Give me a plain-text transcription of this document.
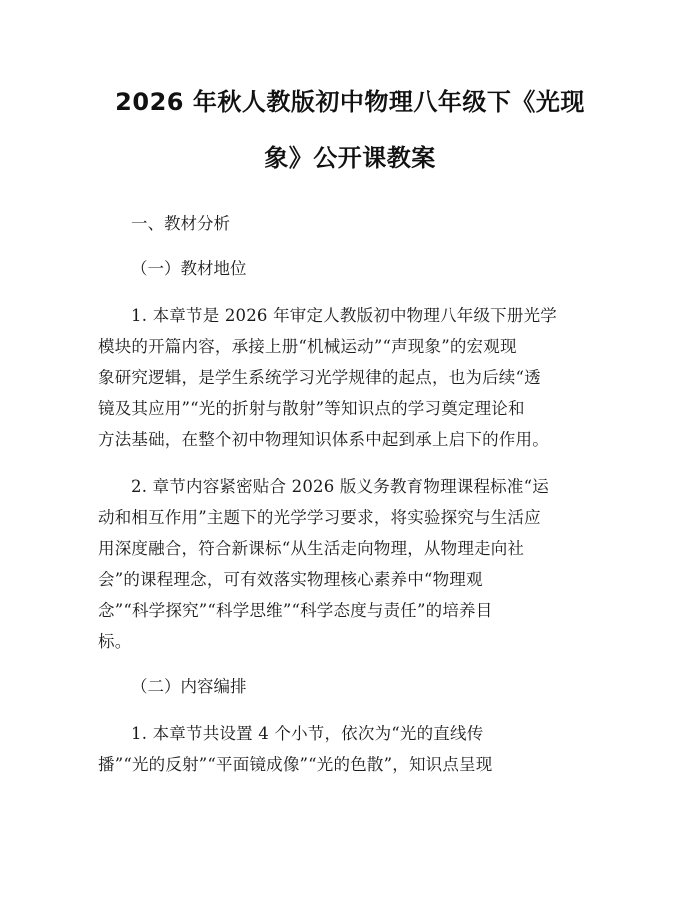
2026 年秋人教版初中物理八年级下《光现
象》公开课教案

一、教材分析

（一）教材地位

1. 本章节是 2026 年审定人教版初中物理八年级下册光学
模块的开篇内容，承接上册“机械运动”“声现象”的宏观现
象研究逻辑，是学生系统学习光学规律的起点，也为后续“透
镜及其应用”“光的折射与散射”等知识点的学习奠定理论和
方法基础，在整个初中物理知识体系中起到承上启下的作用。

2. 章节内容紧密贴合 2026 版义务教育物理课程标准“运
动和相互作用”主题下的光学学习要求，将实验探究与生活应
用深度融合，符合新课标“从生活走向物理，从物理走向社
会”的课程理念，可有效落实物理核心素养中“物理观
念”“科学探究”“科学思维”“科学态度与责任”的培养目
标。

（二）内容编排

1. 本章节共设置 4 个小节，依次为“光的直线传
播”“光的反射”“平面镜成像”“光的色散”，知识点呈现
